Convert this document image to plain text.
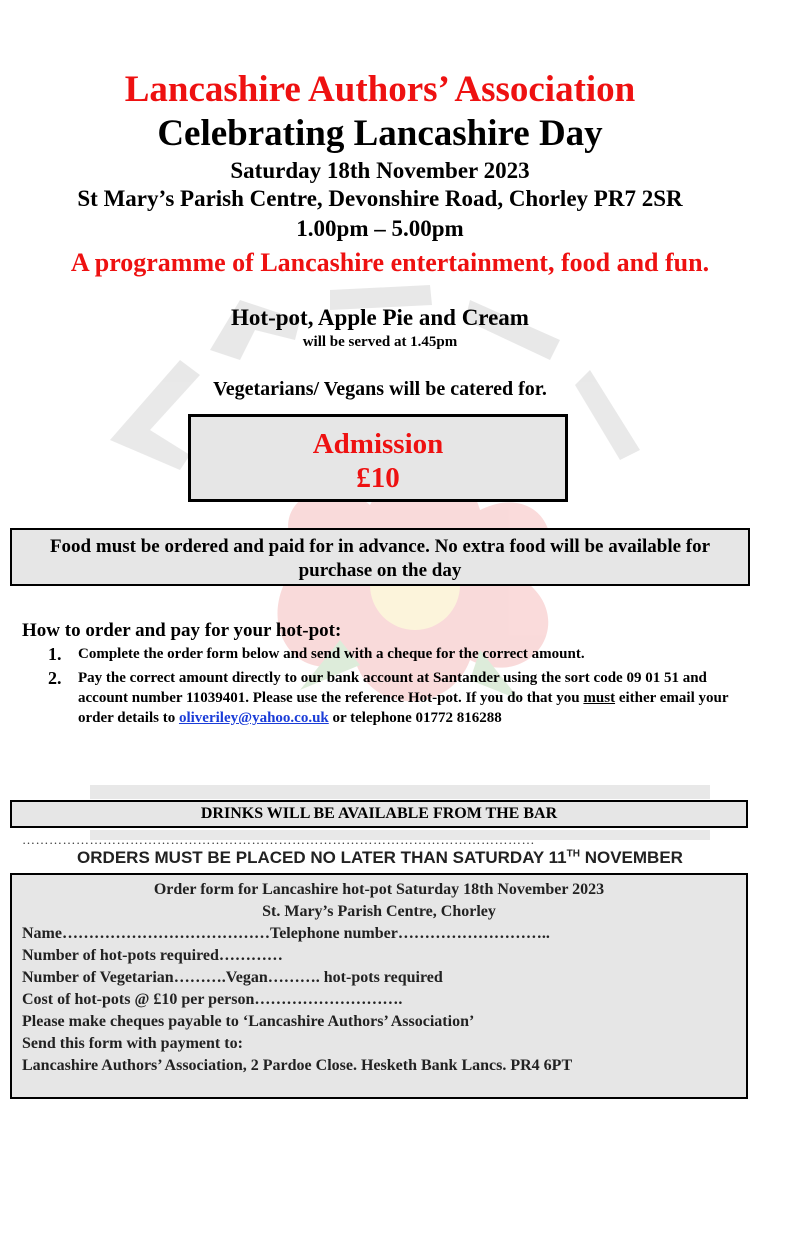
Lancashire Authors’ Association
Celebrating Lancashire Day
Saturday 18th November 2023
St Mary’s Parish Centre, Devonshire Road, Chorley PR7 2SR
1.00pm – 5.00pm
A programme of Lancashire entertainment, food and fun.
Hot-pot, Apple Pie and Cream
will be served at 1.45pm
Vegetarians/ Vegans will be catered for.
Admission
£10
Food must be ordered and paid for in advance. No extra food will be available for purchase on the day
How to order and pay for your hot-pot:
1.	Complete the order form below and send with a cheque for the correct amount.
2.	Pay the correct amount directly to our bank account at Santander using the sort code 09 01 51 and account number 11039401. Please use the reference Hot-pot. If you do that you must either email your order details to oliveriley@yahoo.co.uk or telephone 01772 816288
DRINKS WILL BE AVAILABLE FROM THE BAR
……………………………………………………………………………………………………
ORDERS MUST BE PLACED NO LATER THAN SATURDAY 11TH NOVEMBER
Order form for Lancashire hot-pot Saturday 18th November 2023
St. Mary’s Parish Centre, Chorley
Name…………………………………Telephone number………………………..
Number of hot-pots required…………
Number of Vegetarian……….Vegan………. hot-pots required
Cost of hot-pots @ £10 per person……………………….
Please make cheques payable to ‘Lancashire Authors’ Association’
Send this form with payment to:
Lancashire Authors’ Association, 2 Pardoe Close. Hesketh Bank Lancs. PR4 6PT
